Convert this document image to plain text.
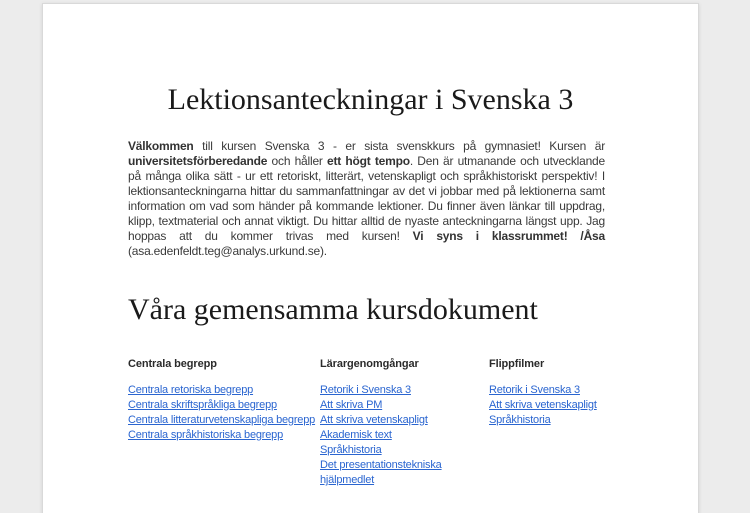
Lektionsanteckningar i Svenska 3

Välkommen till kursen Svenska 3 - er sista svenskkurs på gymnasiet! Kursen är universitetsförberedande och håller ett högt tempo. Den är utmanande och utvecklande på många olika sätt - ur ett retoriskt, litterärt, vetenskapligt och språkhistoriskt perspektiv! I lektionsanteckningarna hittar du sammanfattningar av det vi jobbar med på lektionerna samt information om vad som händer på kommande lektioner. Du finner även länkar till uppdrag, klipp, textmaterial och annat viktigt. Du hittar alltid de nyaste anteckningarna längst upp. Jag hoppas att du kommer trivas med kursen! Vi syns i klassrummet! /Åsa (asa.edenfeldt.teg@analys.urkund.se).

Våra gemensamma kursdokument
Centrala begrepp
Centrala retoriska begrepp
Centrala skriftspråkliga begrepp
Centrala litteraturvetenskapliga begrepp
Centrala språkhistoriska begrepp
Lärargenomgångar
Retorik i Svenska 3
Att skriva PM
Att skriva vetenskapligt
Akademisk text
Språkhistoria
Det presentationstekniska hjälpmedlet
Flippfilmer
Retorik i Svenska 3
Att skriva vetenskapligt
Språkhistoria
